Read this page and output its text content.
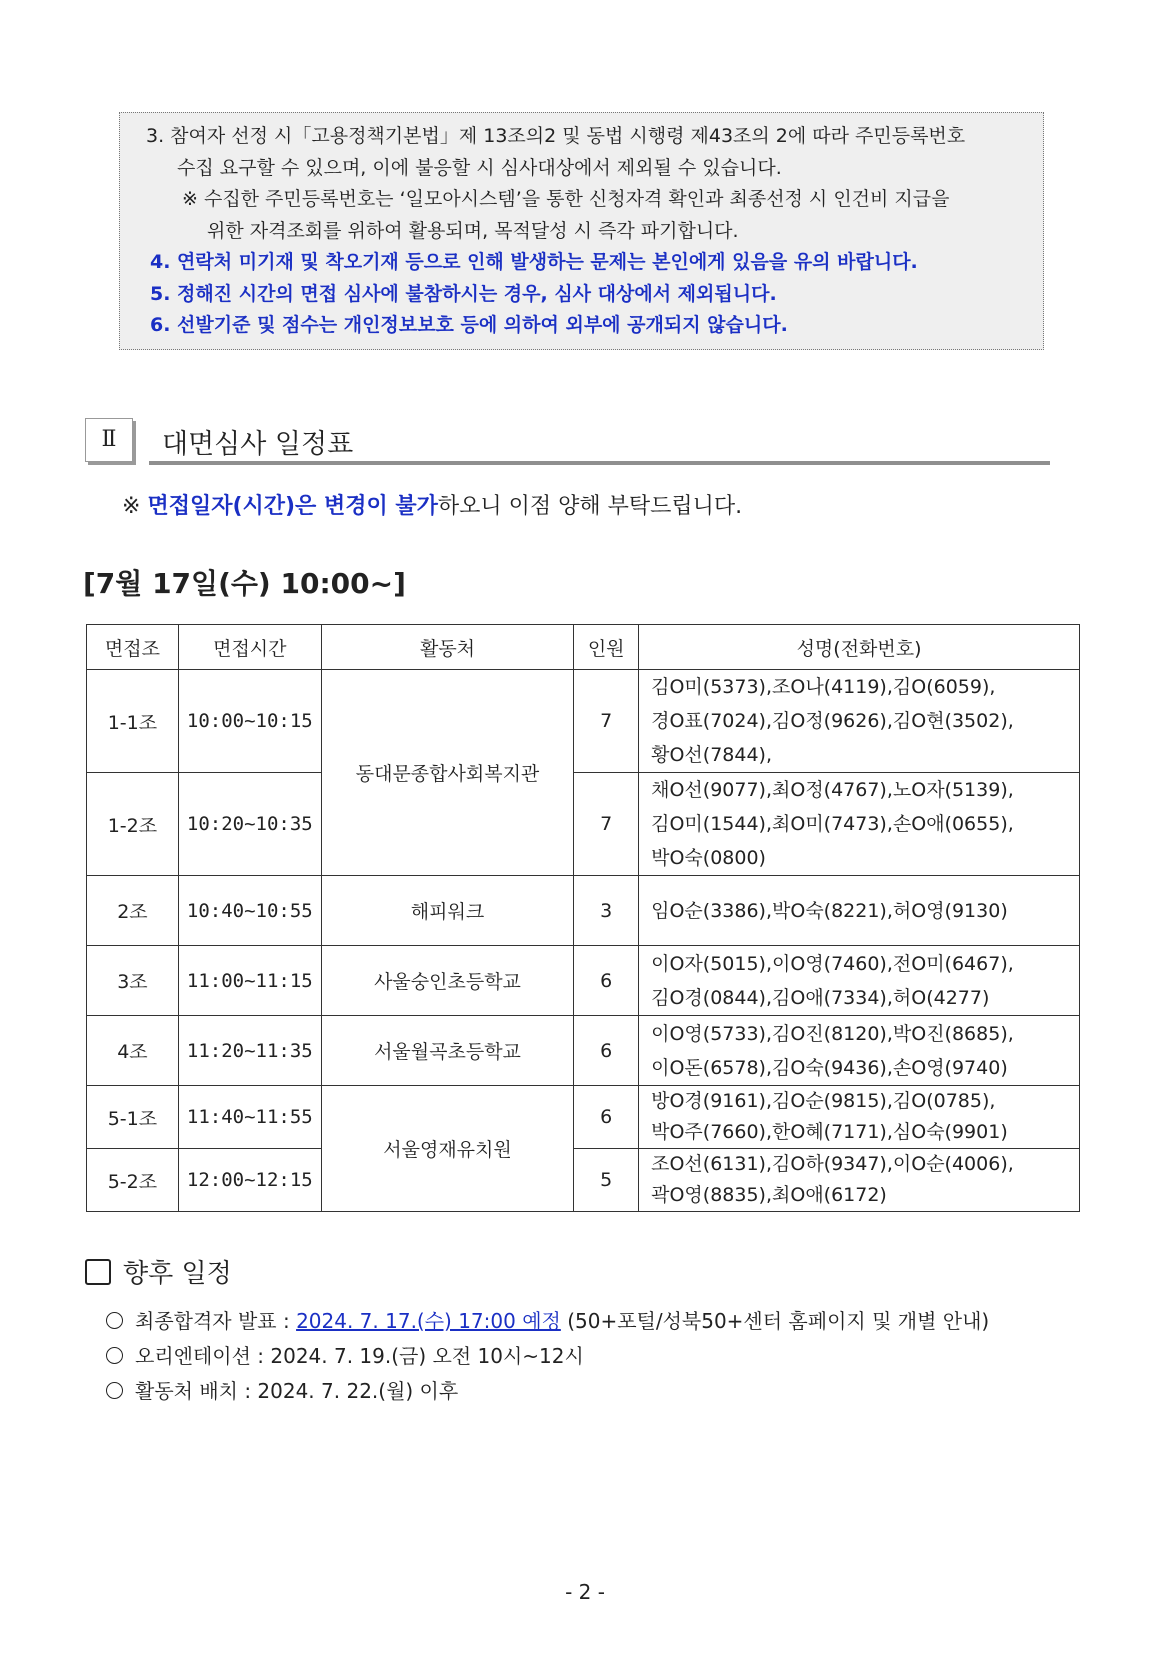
3. 참여자 선정 시「고용정책기본법」제 13조의2 및 동법 시행령 제43조의 2에 따라 주민등록번호
수집 요구할 수 있으며, 이에 불응할 시 심사대상에서 제외될 수 있습니다.
※ 수집한 주민등록번호는 ‘일모아시스템’을 통한 신청자격 확인과 최종선정 시 인건비 지급을
위한 자격조회를 위하여 활용되며, 목적달성 시 즉각 파기합니다.
4. 연락처 미기재 및 착오기재 등으로 인해 발생하는 문제는 본인에게 있음을 유의 바랍니다.
5. 정해진 시간의 면접 심사에 불참하시는 경우, 심사 대상에서 제외됩니다.
6. 선발기준 및 점수는 개인정보보호 등에 의하여 외부에 공개되지 않습니다.
Ⅱ	대면심사 일정표
※ 면접일자(시간)은 변경이 불가하오니 이점 양해 부탁드립니다.
[7월 17일(수) 10:00~]
면접조	면접시간	활동처	인원	성명(전화번호)
1-1조	10:00~10:15	동대문종합사회복지관	7	김O미(5373),조O나(4119),김O(6059),
경O표(7024),김O정(9626),김O현(3502),
황O선(7844),

1-2조	10:20~10:35		7	채O선(9077),최O정(4767),노O자(5139),
김O미(1544),최O미(7473),손O애(0655),
박O숙(0800)

2조	10:40~10:55	해피워크	3	임O순(3386),박O숙(8221),허O영(9130)

3조	11:00~11:15	사울숭인초등학교	6	이O자(5015),이O영(7460),전O미(6467),
김O경(0844),김O애(7334),허O(4277)

4조	11:20~11:35	서울월곡초등학교	6	이O영(5733),김O진(8120),박O진(8685),
이O돈(6578),김O숙(9436),손O영(9740)

5-1조	11:40~11:55	서울영재유치원	6	방O경(9161),김O순(9815),김O(0785),
박O주(7660),한O혜(7171),심O숙(9901)

5-2조	12:00~12:15		5	조O선(6131),김O하(9347),이O순(4006),
곽O영(8835),최O애(6172)
향후 일정
최종합격자 발표 : 2024. 7. 17.(수) 17:00 예정 (50+포털/성북50+센터 홈페이지 및 개별 안내)
오리엔테이션 : 2024. 7. 19.(금) 오전 10시~12시
활동처 배치 : 2024. 7. 22.(월) 이후
- 2 -
